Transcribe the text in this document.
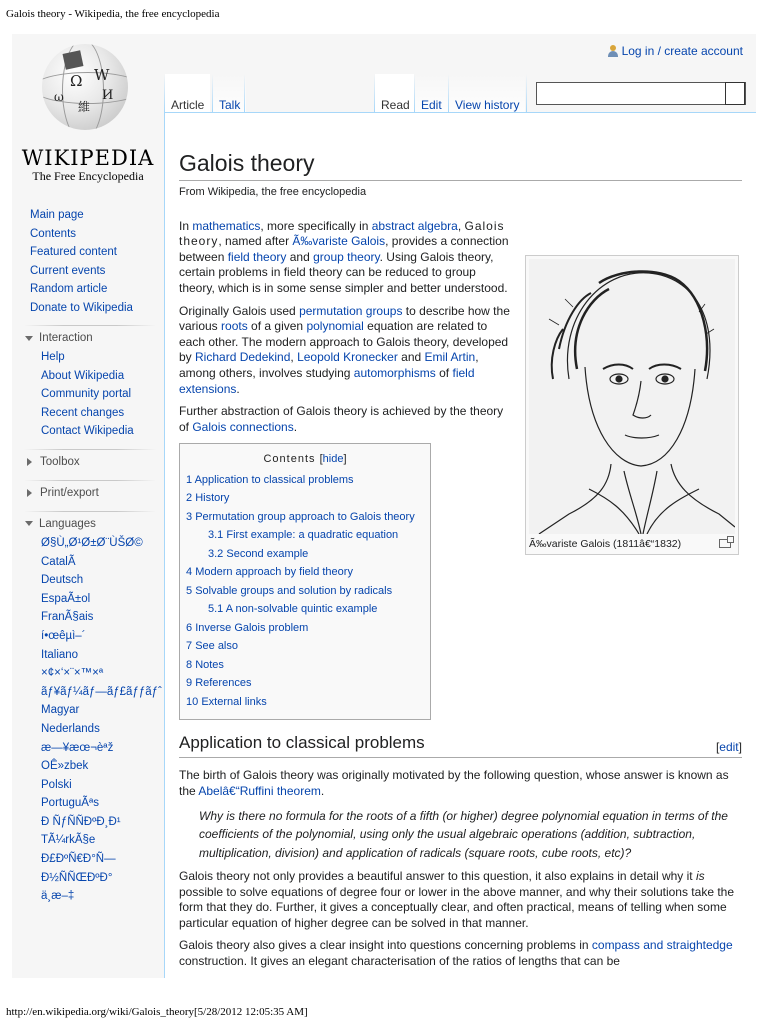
Galois theory - Wikipedia, the free encyclopedia
Log in / create account
Ω W
И
維
ω
WIKIPEDIA
The Free Encyclopedia
Main page
Contents
Featured content
Current events
Random article
Donate to Wikipedia
Interaction
Help
About Wikipedia
Community portal
Recent changes
Contact Wikipedia
Toolbox
Print/export
Languages
Ø§Ù„Ø¹Ø±Ø¨ÙŠØ©
CatalÃ
Deutsch
EspaÃ±ol
FranÃ§ais
í•œêµì–´
Italiano
×¢×‘×¨×™×ª
ãƒ¥ãƒ¼ãƒ—ãƒ£ãƒƒãƒˆ
Magyar
Nederlands
æ—¥æœ¬èªž
OÊ»zbek
Polski
PortuguÃªs
Ð ÑƒÑÑÐºÐ¸Ð¹
TÃ¼rkÃ§e
Ð£ÐºÑ€Ð°Ñ—Ð½ÑÑŒÐºÐ°
ä¸æ–‡
Article Talk	Read Edit View history
Galois theory
From Wikipedia, the free encyclopedia
Ã‰variste Galois (1811â€“1832)

In mathematics, more specifically in abstract algebra, Galois theory, named after Ã‰variste Galois, provides a connection between field theory and group theory. Using Galois theory, certain problems in field theory can be reduced to group theory, which is in some sense simpler and better understood.

Originally Galois used permutation groups to describe how the various roots of a given polynomial equation are related to each other. The modern approach to Galois theory, developed by Richard Dedekind, Leopold Kronecker and Emil Artin, among others, involves studying automorphisms of field extensions.

Further abstraction of Galois theory is achieved by the theory of Galois connections.

Contents [hide]
1 Application to classical problems
2 History
3 Permutation group approach to Galois theory
3.1 First example: a quadratic equation
3.2 Second example
4 Modern approach by field theory
5 Solvable groups and solution by radicals
5.1 A non-solvable quintic example
6 Inverse Galois problem
7 See also
8 Notes
9 References
10 External links
Application to classical problems	[edit]

The birth of Galois theory was originally motivated by the following question, whose answer is known as the Abelâ€“Ruffini theorem.

Why is there no formula for the roots of a fifth (or higher) degree polynomial equation in terms of the coefficients of the polynomial, using only the usual algebraic operations (addition, subtraction, multiplication, division) and application of radicals (square roots, cube roots, etc)?

Galois theory not only provides a beautiful answer to this question, it also explains in detail why it is possible to solve equations of degree four or lower in the above manner, and why their solutions take the form that they do. Further, it gives a conceptually clear, and often practical, means of telling when some particular equation of higher degree can be solved in that manner.

Galois theory also gives a clear insight into questions concerning problems in compass and straightedge construction. It gives an elegant characterisation of the ratios of lengths that can be

http://en.wikipedia.org/wiki/Galois_theory[5/28/2012 12:05:35 AM]
